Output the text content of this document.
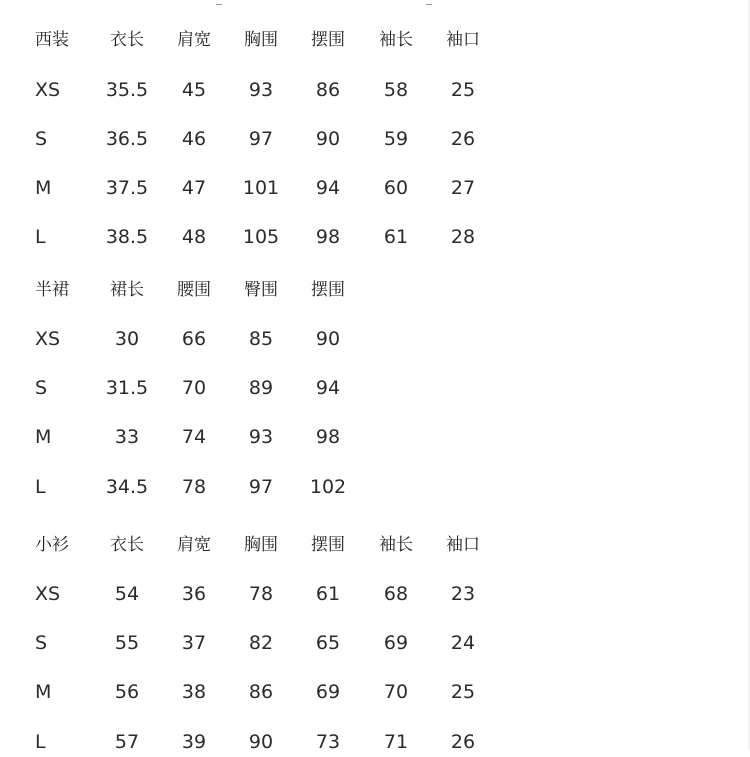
西装	衣长	肩宽	胸围	摆围	袖长	袖口
XS	35.5	45	93	86	58	25
S	36.5	46	97	90	59	26
M	37.5	47	101	94	60	27
L	38.5	48	105	98	61	28
半裙	裙长	腰围	臀围	摆围
XS	30	66	85	90
S	31.5	70	89	94
M	33	74	93	98
L	34.5	78	97	102
小衫	衣长	肩宽	胸围	摆围	袖长	袖口
XS	54	36	78	61	68	23
S	55	37	82	65	69	24
M	56	38	86	69	70	25
L	57	39	90	73	71	26
